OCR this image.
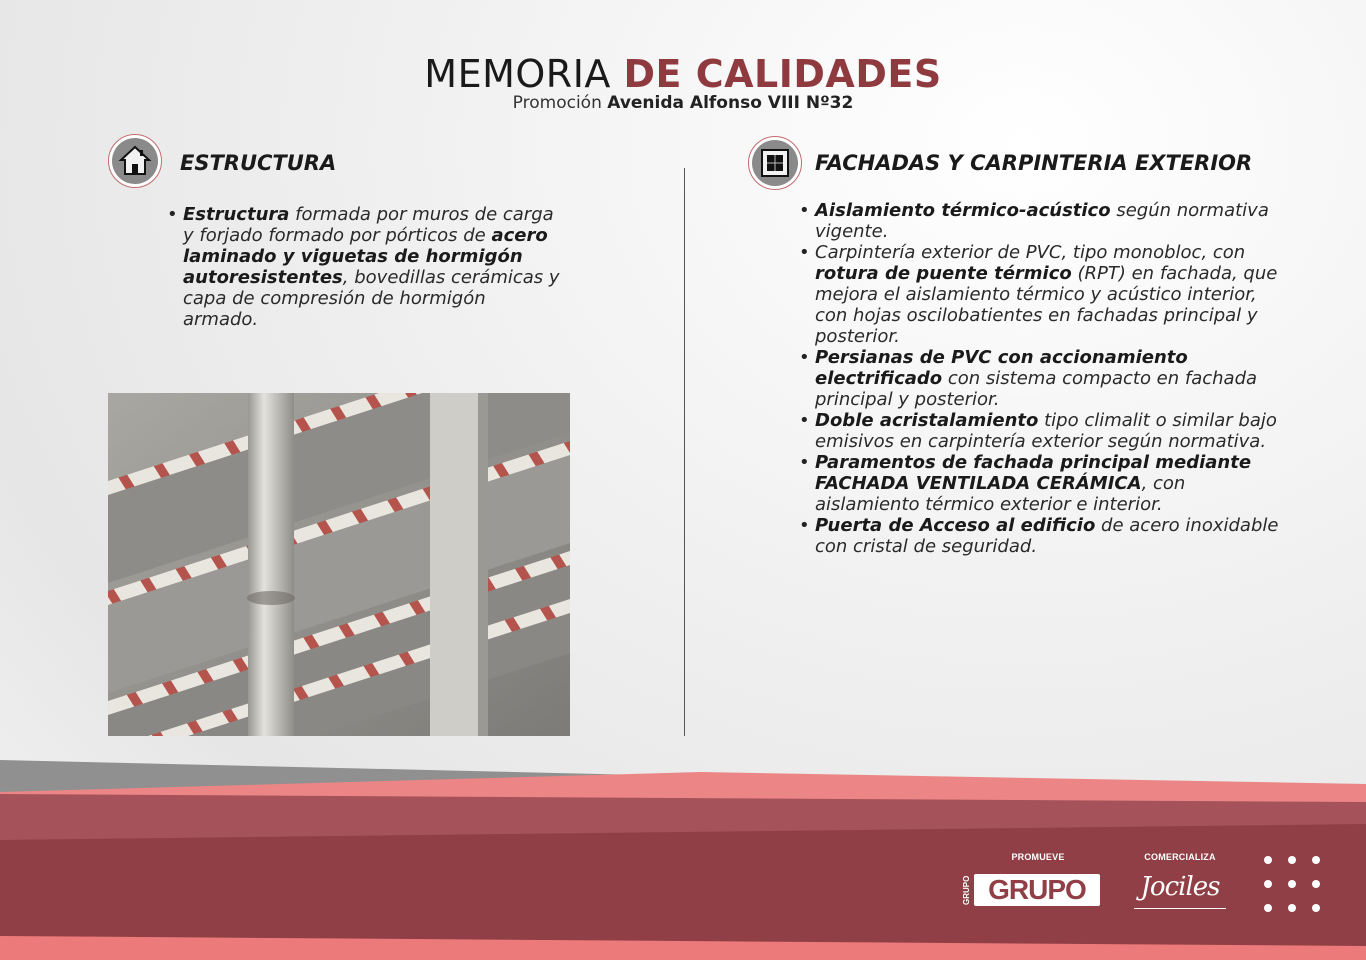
MEMORIA DE CALIDADES
Promoción Avenida Alfonso VIII Nº32
ESTRUCTURA
• Estructura formada por muros de carga y forjado formado por pórticos de acero laminado y viguetas de hormigón autoresistentes, bovedillas cerámicas y capa de compresión de hormigón armado.
FACHADAS Y CARPINTERIA EXTERIOR
• Aislamiento térmico-acústico según normativa vigente.
• Carpintería exterior de PVC, tipo monobloc, con rotura de puente térmico (RPT) en fachada, que mejora el aislamiento térmico y acústico interior, con hojas oscilobatientes en fachadas principal y posterior.
• Persianas de PVC con accionamiento electrificado con sistema compacto en fachada principal y posterior.
• Doble acristalamiento tipo climalit o similar bajo emisivos en carpintería exterior según normativa.
• Paramentos de fachada principal mediante FACHADA VENTILADA CERÁMICA, con aislamiento térmico exterior e interior.
• Puerta de Acceso al edificio de acero inoxidable con cristal de seguridad.
PROMUEVE
GRUPO GRUPO TYGMA
COMERCIALIZA
Jociles
